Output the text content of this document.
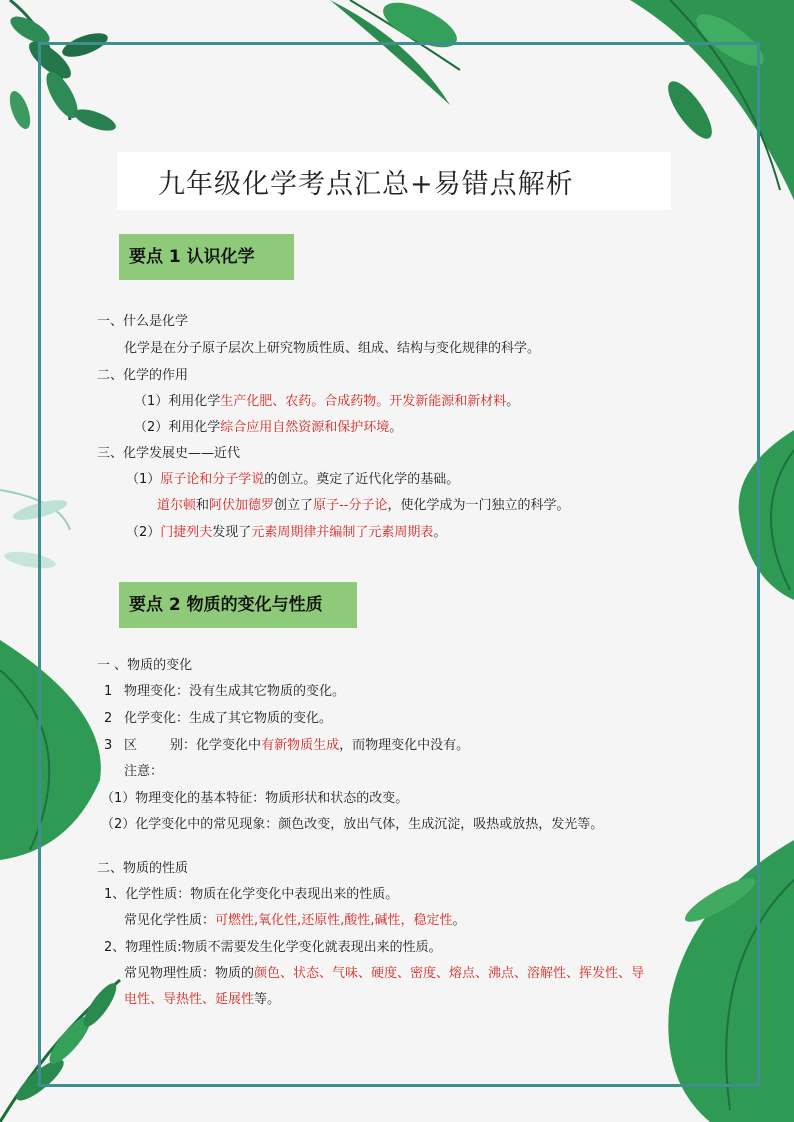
九年级化学考点汇总+易错点解析
要点 1 认识化学
一、什么是化学
化学是在分子原子层次上研究物质性质、组成、结构与变化规律的科学。
二、化学的作用
（1）利用化学生产化肥、农药。合成药物。开发新能源和新材料。
（2）利用化学综合应用自然资源和保护环境。
三、化学发展史——近代
（1）原子论和分子学说的创立。奠定了近代化学的基础。
道尔顿和阿伏加德罗创立了原子--分子论，使化学成为一门独立的科学。
（2）门捷列夫发现了元素周期律并编制了元素周期表。
要点 2 物质的变化与性质
一 、物质的变化
1 物理变化：没有生成其它物质的变化。
2 化学变化：生成了其它物质的变化。
3 区        别：化学变化中有新物质生成，而物理变化中没有。
注意：
（1）物理变化的基本特征：物质形状和状态的改变。
（2）化学变化中的常见现象：颜色改变，放出气体，生成沉淀，吸热或放热，发光等。
二、物质的性质
1、化学性质：物质在化学变化中表现出来的性质。
常见化学性质：可燃性,氧化性,还原性,酸性,碱性，稳定性。
2、物理性质:物质不需要发生化学变化就表现出来的性质。
常见物理性质：物质的颜色、状态、气味、硬度、密度、熔点、沸点、溶解性、挥发性、导
电性、导热性、延展性等。
